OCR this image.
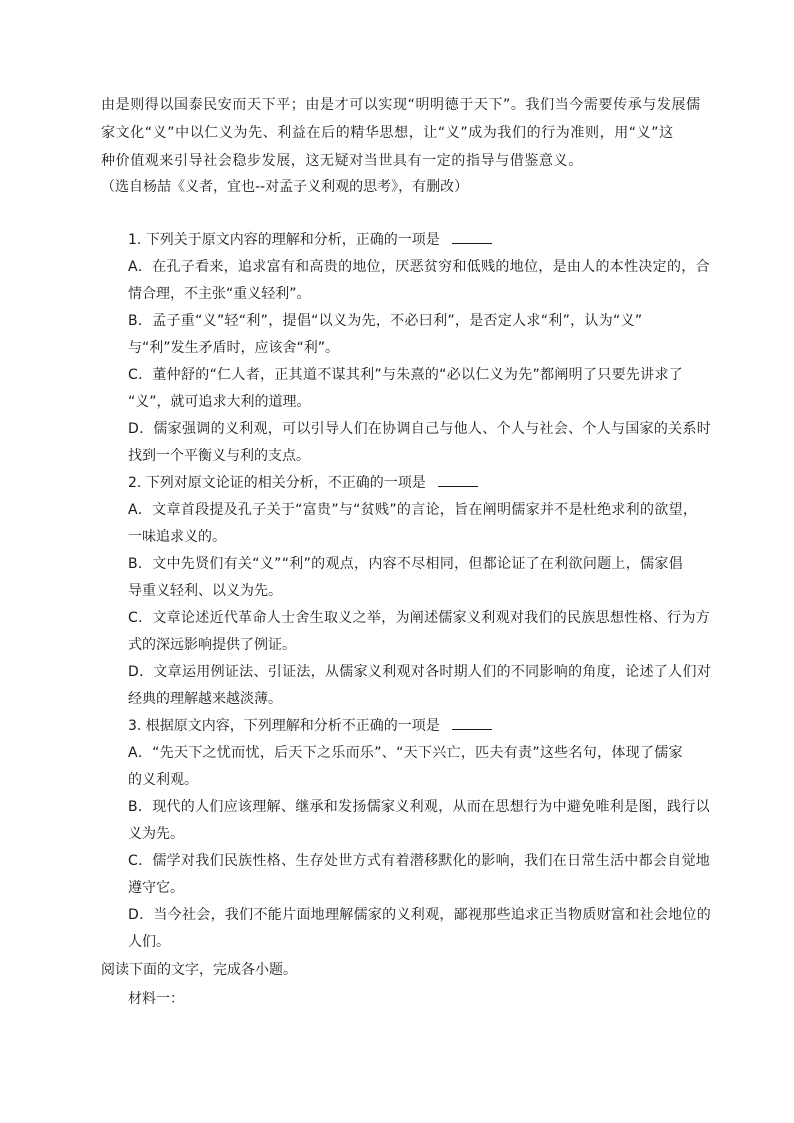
由是则得以国泰民安而天下平；由是才可以实现“明明德于天下”。我们当今需要传承与发展儒
家文化“义”中以仁义为先、利益在后的精华思想，让“义”成为我们的行为准则，用“义”这
种价值观来引导社会稳步发展，这无疑对当世具有一定的指导与借鉴意义。
（选自杨喆《义者，宜也--对孟子义利观的思考》，有删改）
1. 下列关于原文内容的理解和分析，正确的一项是
A．在孔子看来，追求富有和高贵的地位，厌恶贫穷和低贱的地位，是由人的本性决定的，合
情合理，不主张“重义轻利”。
B．孟子重“义”轻“利”，提倡“以义为先，不必曰利”，是否定人求“利”，认为“义”
与“利”发生矛盾时，应该舍“利”。
C．董仲舒的“仁人者，正其道不谋其利”与朱熹的“必以仁义为先”都阐明了只要先讲求了
“义”，就可追求大利的道理。
D．儒家强调的义利观，可以引导人们在协调自己与他人、个人与社会、个人与国家的关系时
找到一个平衡义与利的支点。
2. 下列对原文论证的相关分析，不正确的一项是
A．文章首段提及孔子关于“富贵”与“贫贱”的言论，旨在阐明儒家并不是杜绝求利的欲望，
一味追求义的。
B．文中先贤们有关“义”“利”的观点，内容不尽相同，但都论证了在利欲问题上，儒家倡
导重义轻利、以义为先。
C．文章论述近代革命人士舍生取义之举，为阐述儒家义利观对我们的民族思想性格、行为方
式的深远影响提供了例证。
D．文章运用例证法、引证法，从儒家义利观对各时期人们的不同影响的角度，论述了人们对
经典的理解越来越淡薄。
3. 根据原文内容，下列理解和分析不正确的一项是
A．“先天下之忧而忧，后天下之乐而乐”、“天下兴亡，匹夫有责”这些名句，体现了儒家
的义利观。
B．现代的人们应该理解、继承和发扬儒家义利观，从而在思想行为中避免唯利是图，践行以
义为先。
C．儒学对我们民族性格、生存处世方式有着潜移默化的影响，我们在日常生活中都会自觉地
遵守它。
D．当今社会，我们不能片面地理解儒家的义利观，鄙视那些追求正当物质财富和社会地位的
人们。
阅读下面的文字，完成各小题。
材料一：
